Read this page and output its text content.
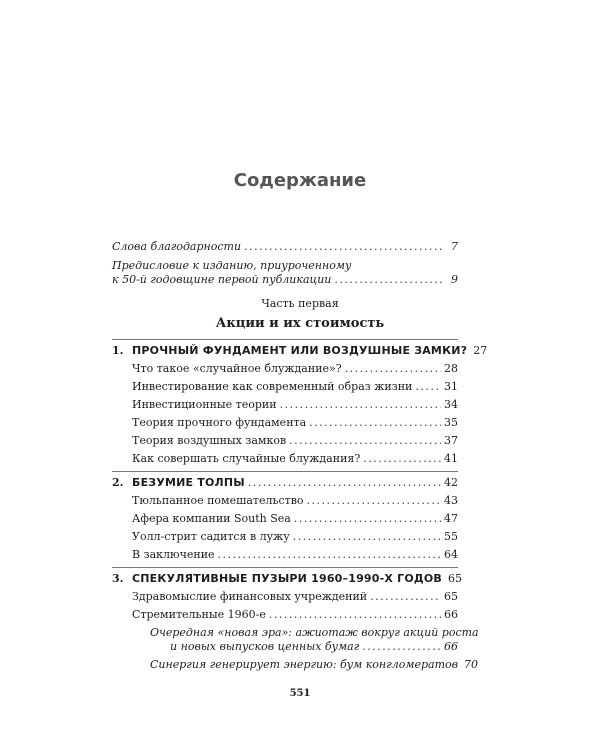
Содержание
Слова благодарности .....	7
Предисловие к изданию, приуроченному
к 50-й годовщине первой публикации .....	9
Часть первая
Акции и их стоимость
1. ПРОЧНЫЙ ФУНДАМЕНТ ИЛИ ВОЗДУШНЫЕ ЗАМКИ? 27
Что такое «случайное блуждание»? .....	28
Инвестирование как современный образ жизни .....	31
Инвестиционные теории .....	34
Теория прочного фундамента .....	35
Теория воздушных замков .....	37
Как совершать случайные блуждания? .....	41
2. БЕЗУМИЕ ТОЛПЫ .....	42
Тюльпанное помешательство .....	43
Афера компании South Sea .....	47
Уолл-стрит садится в лужу .....	55
В заключение .....	64
3. СПЕКУЛЯТИВНЫЕ ПУЗЫРИ 1960–1990-Х ГОДОВ 65
Здравомыслие финансовых учреждений .....	65
Стремительные 1960-е .....	66
Очередная «новая эра»: ажиотаж вокруг акций роста
и новых выпусков ценных бумаг .....	66
Синергия генерирует энергию: бум конгломератов 70
551
